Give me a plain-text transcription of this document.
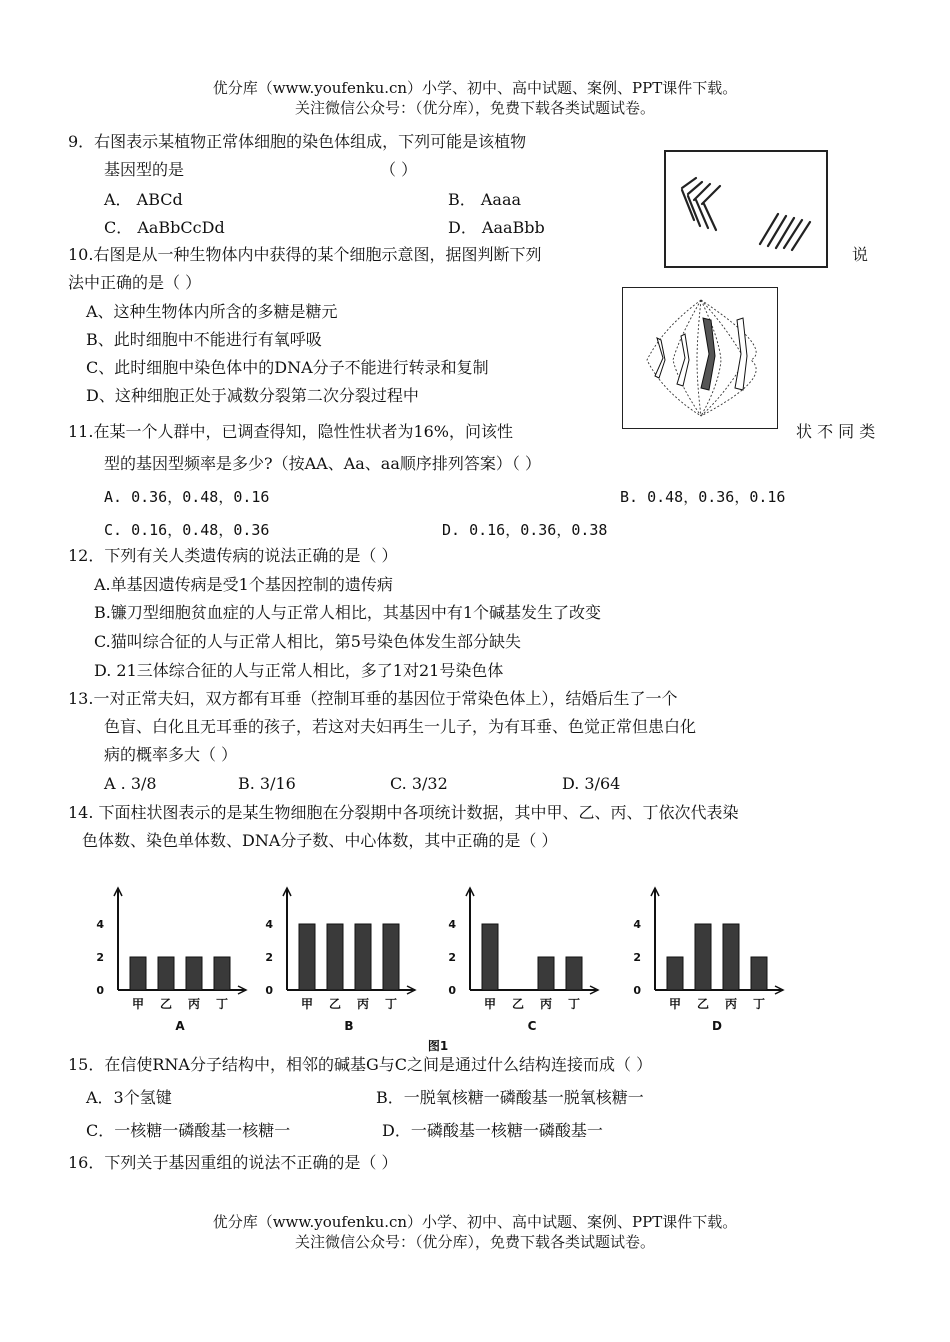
优分库（www.youfenku.cn）小学、初中、高中试题、案例、PPT课件下载。
关注微信公众号：（优分库），免费下载各类试题试卷。
9．右图表示某植物正常体细胞的染色体组成，下列可能是该植物
基因型的是	（ ）
A． ABCd	B． Aaaa
C． AaBbCcDd	D． AaaBbb
10.右图是从一种生物体内中获得的某个细胞示意图，据图判断下列	说
法中正确的是（ ）
A、这种生物体内所含的多糖是糖元
B、此时细胞中不能进行有氧呼吸
C、此时细胞中染色体中的DNA分子不能进行转录和复制
D、这种细胞正处于减数分裂第二次分裂过程中
11.在某一个人群中，已调查得知，隐性性状者为16%，问该性	状 不 同 类
型的基因型频率是多少?（按AA、Aa、aa顺序排列答案）（ ）
A. 0.36，0.48，0.16	B. 0.48，0.36，0.16
C. 0.16，0.48，0.36	D. 0.16，0.36，0.38
12．下列有关人类遗传病的说法正确的是（ ）
A.单基因遗传病是受1个基因控制的遗传病
B.镰刀型细胞贫血症的人与正常人相比，其基因中有1个碱基发生了改变
C.猫叫综合征的人与正常人相比，第5号染色体发生部分缺失
D. 21三体综合征的人与正常人相比，多了1对21号染色体
13.一对正常夫妇，双方都有耳垂（控制耳垂的基因位于常染色体上），结婚后生了一个
色盲、白化且无耳垂的孩子，若这对夫妇再生一儿子，为有耳垂、色觉正常但患白化
病的概率多大（ ）
A . 3/8	B. 3/16	C. 3/32	D. 3/64
14. 下面柱状图表示的是某生物细胞在分裂期中各项统计数据，其中甲、乙、丙、丁依次代表染
色体数、染色单体数、DNA分子数、中心体数，其中正确的是（ ）
图1
0
2
4
甲 乙 丙 丁
A
0
2
4
甲 乙 丙 丁
B
0
2
4
甲 乙 丙 丁
C
0
2
4
甲 乙 丙 丁
D
15．在信使RNA分子结构中，相邻的碱基G与C之间是通过什么结构连接而成（ ）
A．3个氢键	B．一脱氧核糖一磷酸基一脱氧核糖一
C．一核糖一磷酸基一核糖一	D．一磷酸基一核糖一磷酸基一
16．下列关于基因重组的说法不正确的是（ ）
优分库（www.youfenku.cn）小学、初中、高中试题、案例、PPT课件下载。
关注微信公众号：（优分库），免费下载各类试题试卷。
